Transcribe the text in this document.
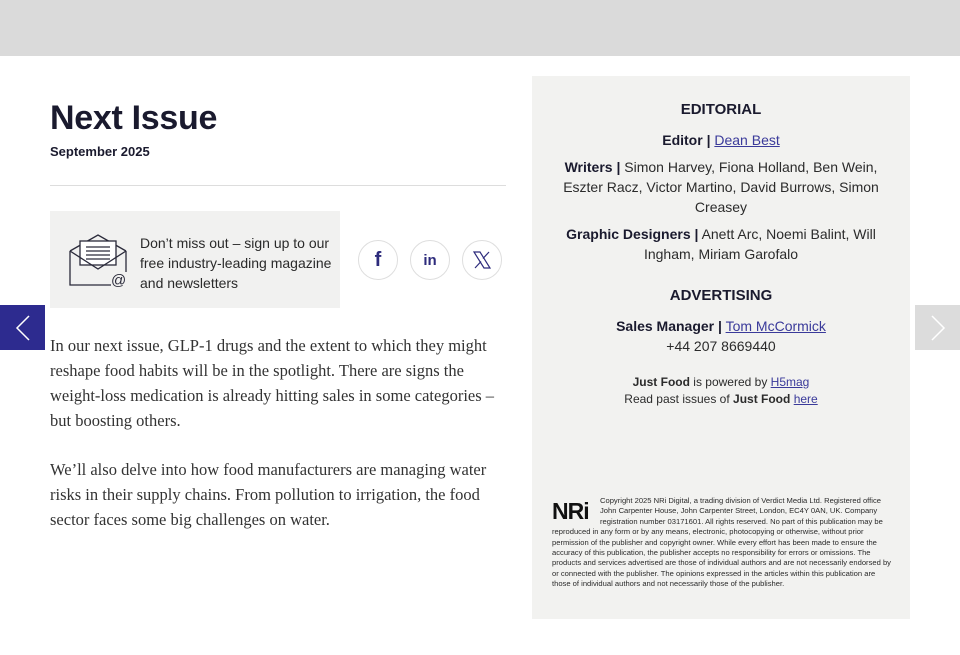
Next Issue
September 2025
@
Don’t miss out – sign up to our free industry-leading magazine and newsletters
f	in

In our next issue, GLP-1 drugs and the extent to which they might reshape food habits will be in the spotlight. There are signs the weight-loss medication is already hitting sales in some categories – but boosting others.

We’ll also delve into how food manufacturers are managing water risks in their supply chains. From pollution to irrigation, the food sector faces some big challenges on water.

EDITORIAL
Editor | Dean Best
Writers | Simon Harvey, Fiona Holland, Ben Wein, Eszter Racz, Victor Martino, David Burrows, Simon Creasey
Graphic Designers | Anett Arc, Noemi Balint, Will Ingham, Miriam Garofalo
ADVERTISING
Sales Manager | Tom McCormick
+44 207 8669440
Just Food is powered by H5mag
Read past issues of Just Food here
NRi	Copyright 2025 NRi Digital, a trading division of Verdict Media Ltd. Registered office John Carpenter House, John Carpenter Street, London, EC4Y 0AN, UK. Company registration number 03171601. All rights reserved. No part of this publication may be reproduced in any form or by any means, electronic, photocopying or otherwise, without prior permission of the publisher and copyright owner. While every effort has been made to ensure the accuracy of this publication, the publisher accepts no responsibility for errors or omissions. The products and services advertised are those of individual authors and are not necessarily endorsed by or connected with the publisher. The opinions expressed in the articles within this publication are those of individual authors and not necessarily those of the publisher.
